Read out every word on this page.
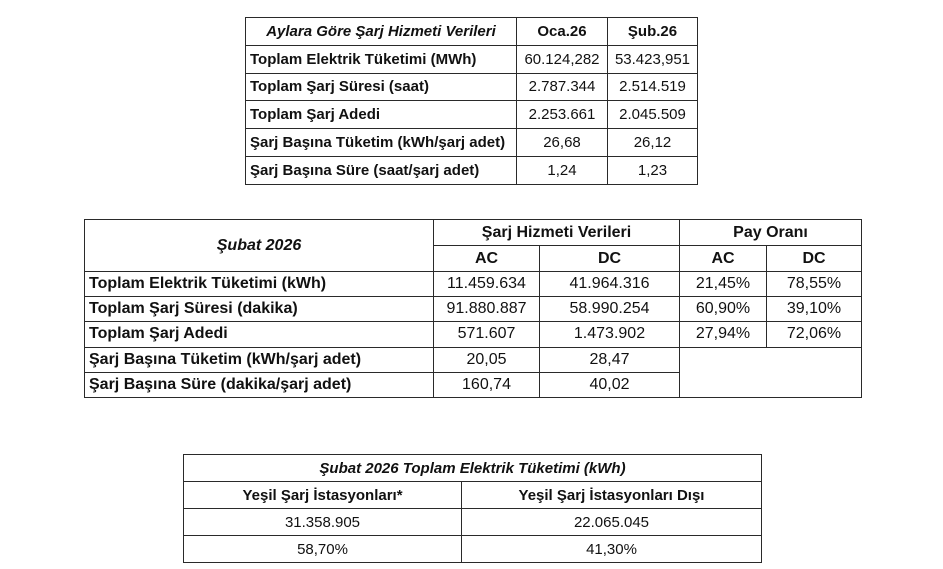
Aylara Göre Şarj Hizmeti Verileri	Oca.26	Şub.26
Toplam Elektrik Tüketimi (MWh)	60.124,282	53.423,951
Toplam Şarj Süresi (saat)	2.787.344	2.514.519
Toplam Şarj Adedi	2.253.661	2.045.509
Şarj Başına Tüketim (kWh/şarj adet)	26,68	26,12
Şarj Başına Süre (saat/şarj adet)	1,24	1,23
Şubat 2026	Şarj Hizmeti Verileri		Pay Oranı	
	AC	DC	AC	DC
Toplam Elektrik Tüketimi (kWh)	11.459.634	41.964.316	21,45%	78,55%
Toplam Şarj Süresi (dakika)	91.880.887	58.990.254	60,90%	39,10%
Toplam Şarj Adedi	571.607	1.473.902	27,94%	72,06%
Şarj Başına Tüketim (kWh/şarj adet)	20,05	28,47		
Şarj Başına Süre (dakika/şarj adet)	160,74	40,02		
Şubat 2026 Toplam Elektrik Tüketimi (kWh)	
Yeşil Şarj İstasyonları*	Yeşil Şarj İstasyonları Dışı
31.358.905	22.065.045
58,70%	41,30%
